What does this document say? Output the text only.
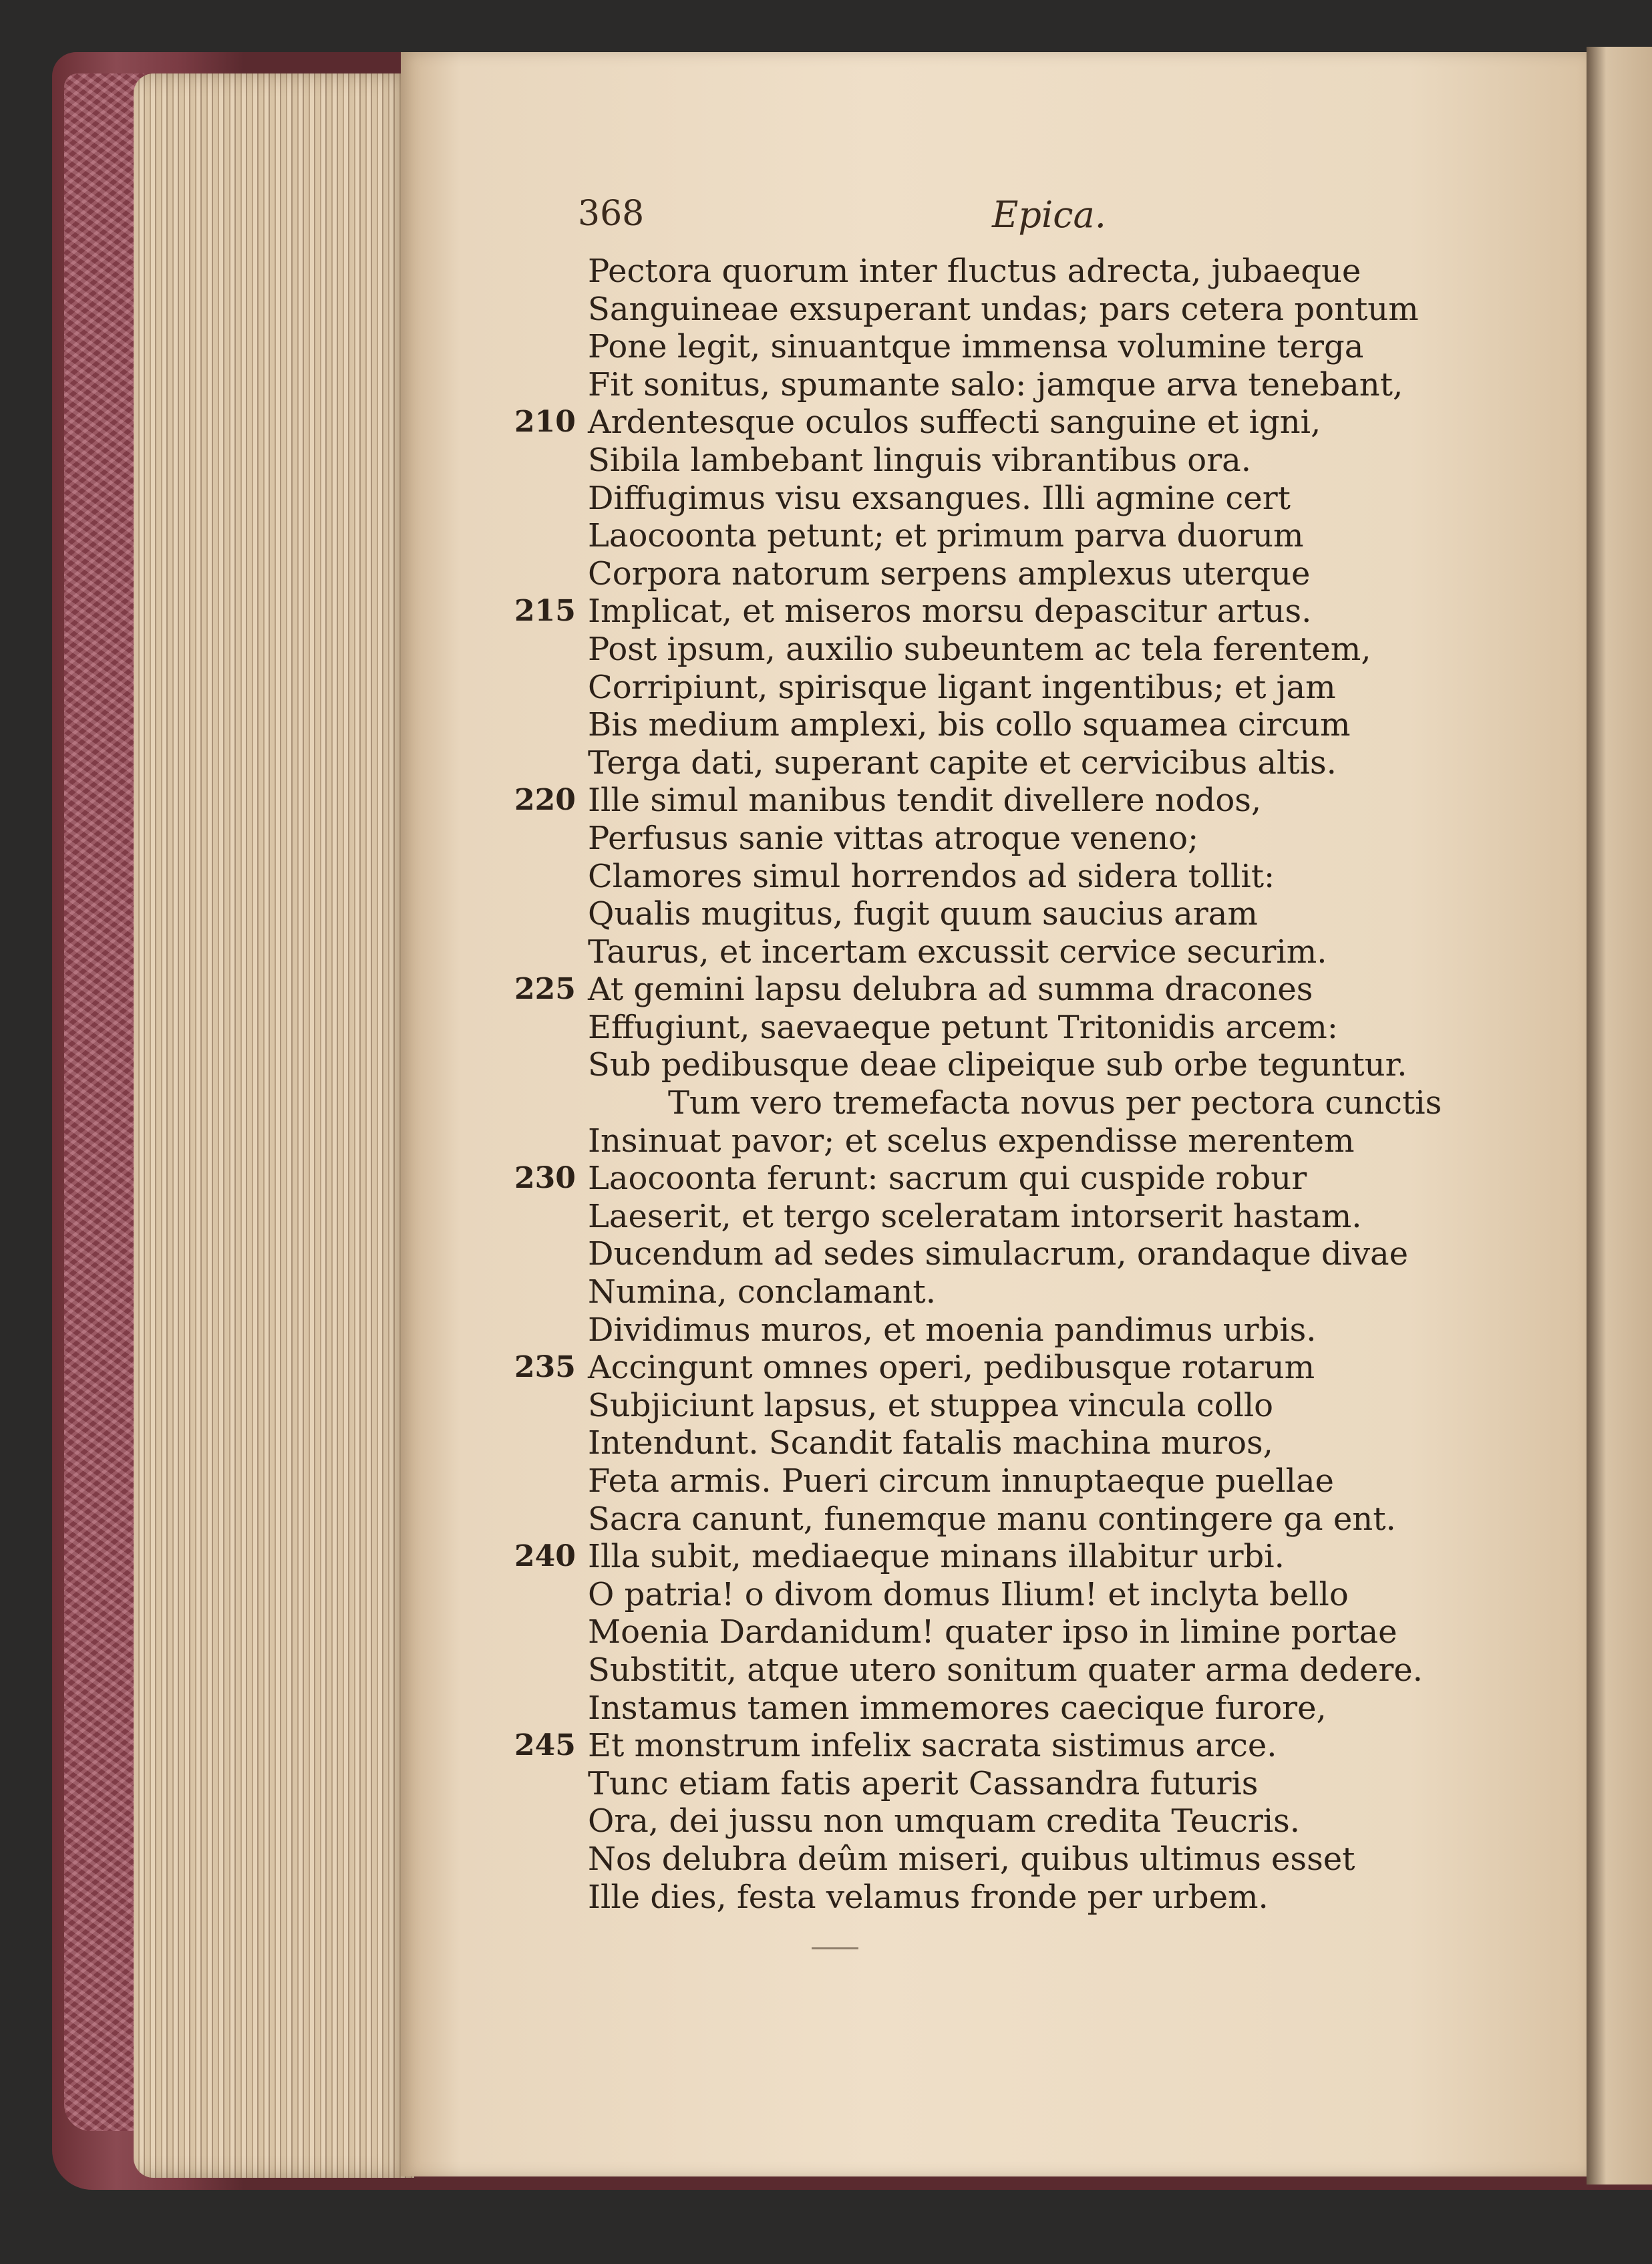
368	Epica.
Pectora quorum inter fluctus adrecta, jubaeque
Sanguineae exsuperant undas; pars cetera pontum
Pone legit, sinuantque immensa volumine terga
Fit sonitus, spumante salo: jamque arva tenebant,
210 Ardentesque oculos suffecti sanguine et igni,
Sibila lambebant linguis vibrantibus ora.
Diffugimus visu exsangues. Illi agmine cert
Laocoonta petunt; et primum parva duorum
Corpora natorum serpens amplexus uterque
215 Implicat, et miseros morsu depascitur artus.
Post ipsum, auxilio subeuntem ac tela ferentem,
Corripiunt, spirisque ligant ingentibus; et jam
Bis medium amplexi, bis collo squamea circum
Terga dati, superant capite et cervicibus altis.
220 Ille simul manibus tendit divellere nodos,
Perfusus sanie vittas atroque veneno;
Clamores simul horrendos ad sidera tollit:
Qualis mugitus, fugit quum saucius aram
Taurus, et incertam excussit cervice securim.
225 At gemini lapsu delubra ad summa dracones
Effugiunt, saevaeque petunt Tritonidis arcem:
Sub pedibusque deae clipeique sub orbe teguntur.
Tum vero tremefacta novus per pectora cunctis
Insinuat pavor; et scelus expendisse merentem
230 Laocoonta ferunt: sacrum qui cuspide robur
Laeserit, et tergo sceleratam intorserit hastam.
Ducendum ad sedes simulacrum, orandaque divae
Numina, conclamant.
Dividimus muros, et moenia pandimus urbis.
235 Accingunt omnes operi, pedibusque rotarum
Subjiciunt lapsus, et stuppea vincula collo
Intendunt. Scandit fatalis machina muros,
Feta armis. Pueri circum innuptaeque puellae
Sacra canunt, funemque manu contingere ga ent.
240 Illa subit, mediaeque minans illabitur urbi.
O patria! o divom domus Ilium! et inclyta bello
Moenia Dardanidum! quater ipso in limine portae
Substitit, atque utero sonitum quater arma dedere.
Instamus tamen immemores caecique furore,
245 Et monstrum infelix sacrata sistimus arce.
Tunc etiam fatis aperit Cassandra futuris
Ora, dei jussu non umquam credita Teucris.
Nos delubra deûm miseri, quibus ultimus esset
Ille dies, festa velamus fronde per urbem.
